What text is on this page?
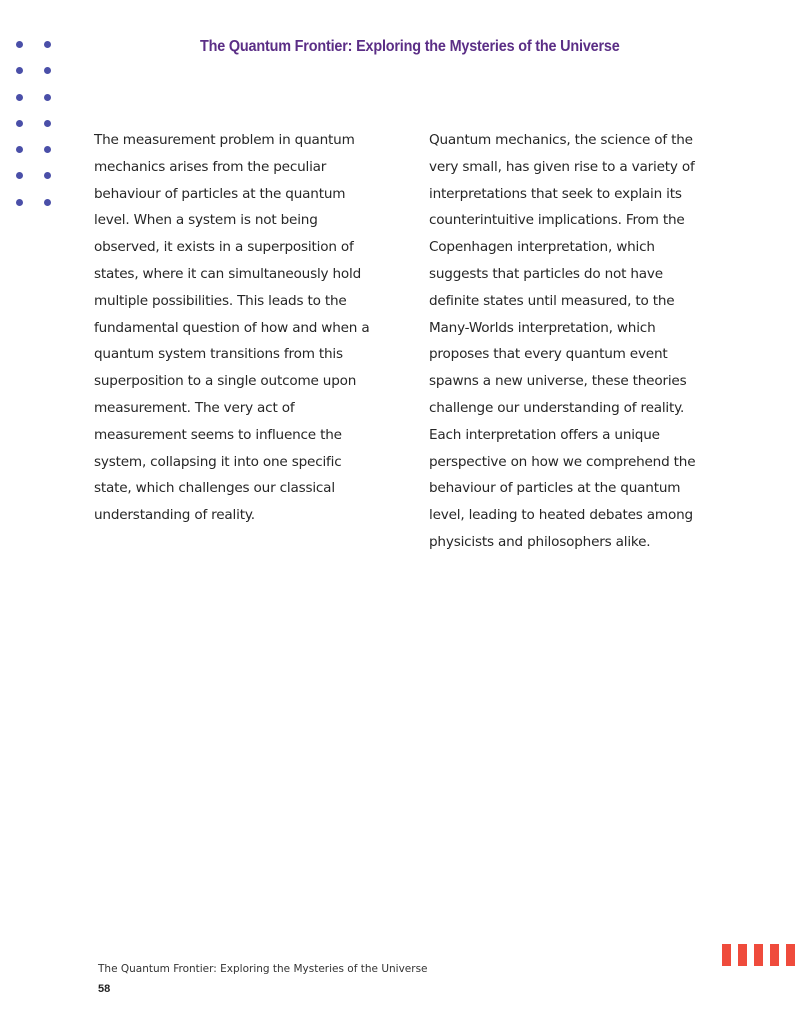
The Quantum Frontier: Exploring the Mysteries of the Universe

The measurement problem in quantum mechanics arises from the peculiar behaviour of particles at the quantum level. When a system is not being observed, it exists in a superposition of states, where it can simultaneously hold multiple possibilities. This leads to the fundamental question of how and when a quantum system transitions from this superposition to a single outcome upon measurement. The very act of measurement seems to influence the system, collapsing it into one specific state, which challenges our classical understanding of reality.

Quantum mechanics, the science of the very small, has given rise to a variety of interpretations that seek to explain its counterintuitive implications. From the Copenhagen interpretation, which suggests that particles do not have definite states until measured, to the Many-Worlds interpretation, which proposes that every quantum event spawns a new universe, these theories challenge our understanding of reality. Each interpretation offers a unique perspective on how we comprehend the behaviour of particles at the quantum level, leading to heated debates among physicists and philosophers alike.

The Quantum Frontier: Exploring the Mysteries of the Universe
58
